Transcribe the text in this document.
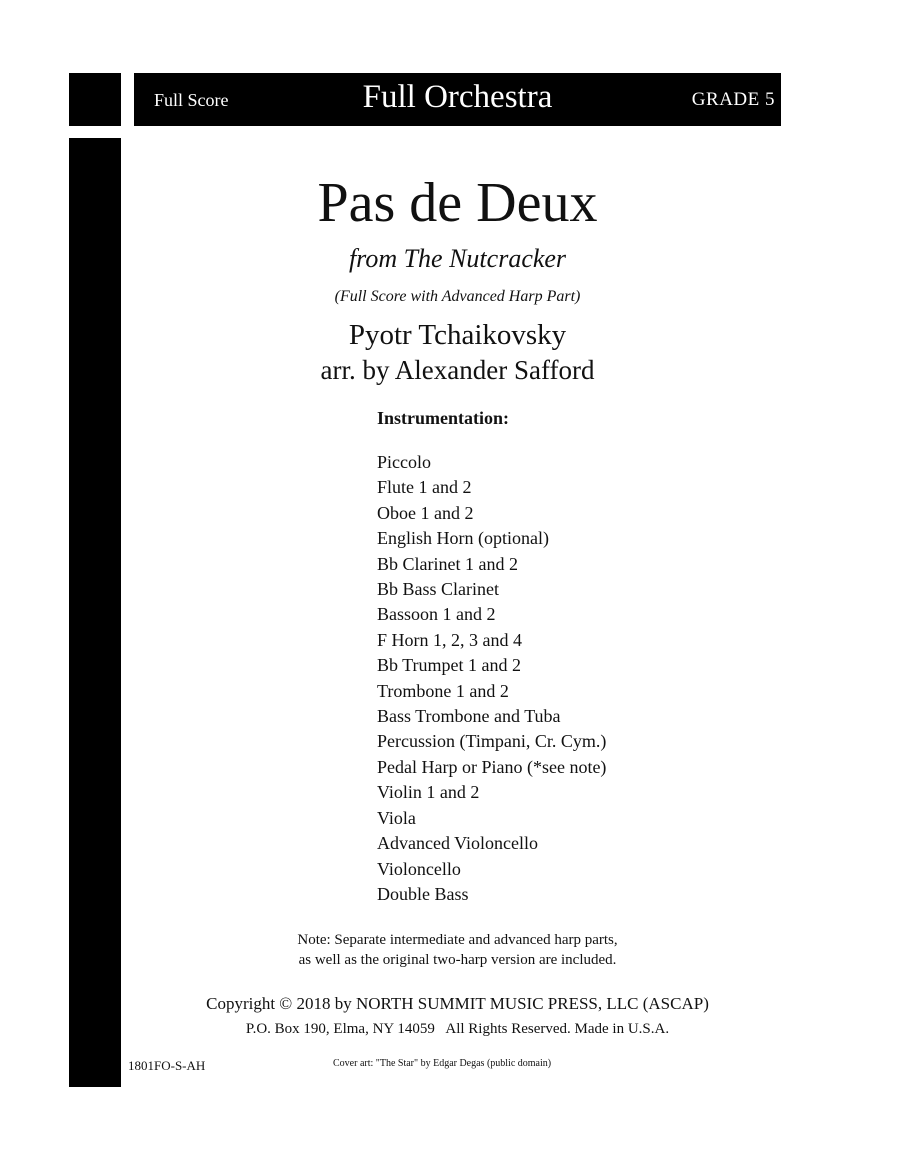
Full Score	Full Orchestra	GRADE 5
Pas de Deux
from The Nutcracker
(Full Score with Advanced Harp Part)
Pyotr Tchaikovsky
arr. by Alexander Safford
Instrumentation:
Piccolo
Flute 1 and 2
Oboe 1 and 2
English Horn (optional)
Bb Clarinet 1 and 2
Bb Bass Clarinet
Bassoon 1 and 2
F Horn 1, 2, 3 and 4
Bb Trumpet 1 and 2
Trombone 1 and 2
Bass Trombone and Tuba
Percussion (Timpani, Cr. Cym.)
Pedal Harp or Piano (*see note)
Violin 1 and 2
Viola
Advanced Violoncello
Violoncello
Double Bass
Note: Separate intermediate and advanced harp parts,
as well as the original two-harp version are included.
Copyright © 2018 by NORTH SUMMIT MUSIC PRESS, LLC (ASCAP)
P.O. Box 190, Elma, NY 14059   All Rights Reserved. Made in U.S.A.
1801FO-S-AH	Cover art: "The Star" by Edgar Degas (public domain)
